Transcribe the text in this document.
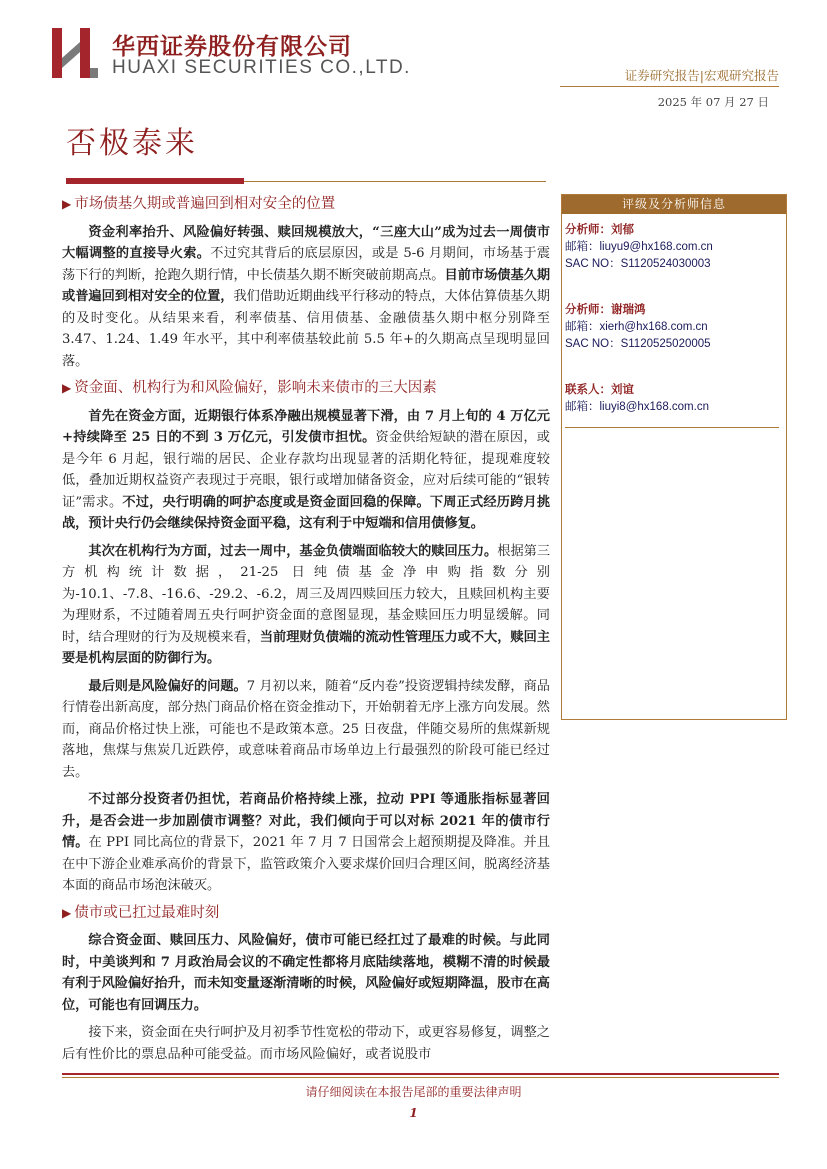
华西证券股份有限公司
HUAXI SECURITIES CO.,LTD.	证券研究报告|宏观研究报告
2025 年 07 月 27 日
否极泰来
▶ 市场债基久期或普遍回到相对安全的位置

资金利率抬升、风险偏好转强、赎回规模放大，“三座大山”成为过去一周债市大幅调整的直接导火索。不过究其背后的底层原因，或是 5-6 月期间，市场基于震荡下行的判断，抢跑久期行情，中长债基久期不断突破前期高点。目前市场债基久期或普遍回到相对安全的位置，我们借助近期曲线平行移动的特点，大体估算债基久期的及时变化。从结果来看，利率债基、信用债基、金融债基久期中枢分别降至 3.47、1.24、1.49 年水平，其中利率债基较此前 5.5 年+的久期高点呈现明显回落。

▶ 资金面、机构行为和风险偏好，影响未来债市的三大因素

首先在资金方面，近期银行体系净融出规模显著下滑，由 7 月上旬的 4 万亿元+持续降至 25 日的不到 3 万亿元，引发债市担忧。资金供给短缺的潜在原因，或是今年 6 月起，银行端的居民、企业存款均出现显著的活期化特征，提现难度较低，叠加近期权益资产表现过于亮眼，银行或增加储备资金，应对后续可能的“银转证”需求。不过，央行明确的呵护态度或是资金面回稳的保障。下周正式经历跨月挑战，预计央行仍会继续保持资金面平稳，这有利于中短端和信用债修复。

其次在机构行为方面，过去一周中，基金负债端面临较大的赎回压力。根据第三方机构统计数据，21-25 日纯债基金净申购指数分别为-10.1、-7.8、-16.6、-29.2、-6.2，周三及周四赎回压力较大，且赎回机构主要为理财系，不过随着周五央行呵护资金面的意图显现，基金赎回压力明显缓解。同时，结合理财的行为及规模来看，当前理财负债端的流动性管理压力或不大，赎回主要是机构层面的防御行为。

最后则是风险偏好的问题。7 月初以来，随着“反内卷”投资逻辑持续发酵，商品行情卷出新高度，部分热门商品价格在资金推动下，开始朝着无序上涨方向发展。然而，商品价格过快上涨，可能也不是政策本意。25 日夜盘，伴随交易所的焦煤新规落地，焦煤与焦炭几近跌停，或意味着商品市场单边上行最强烈的阶段可能已经过去。

不过部分投资者仍担忧，若商品价格持续上涨，拉动 PPI 等通胀指标显著回升，是否会进一步加剧债市调整？对此，我们倾向于可以对标 2021 年的债市行情。在 PPI 同比高位的背景下，2021 年 7 月 7 日国常会上超预期提及降准。并且在中下游企业难承高价的背景下，监管政策介入要求煤价回归合理区间，脱离经济基本面的商品市场泡沫破灭。

▶ 债市或已扛过最难时刻

综合资金面、赎回压力、风险偏好，债市可能已经扛过了最难的时候。与此同时，中美谈判和 7 月政治局会议的不确定性都将月底陆续落地，模糊不清的时候最有利于风险偏好抬升，而未知变量逐渐清晰的时候，风险偏好或短期降温，股市在高位，可能也有回调压力。

接下来，资金面在央行呵护及月初季节性宽松的带动下，或更容易修复，调整之后有性价比的票息品种可能受益。而市场风险偏好，或者说股市

评级及分析师信息
分析师：刘郁
邮箱：liuyu9@hx168.com.cn
SAC NO：S1120524030003
分析师：谢瑞鸿
邮箱：xierh@hx168.com.cn
SAC NO：S1120525020005
联系人：刘谊
邮箱：liuyi8@hx168.com.cn
请仔细阅读在本报告尾部的重要法律声明
1
